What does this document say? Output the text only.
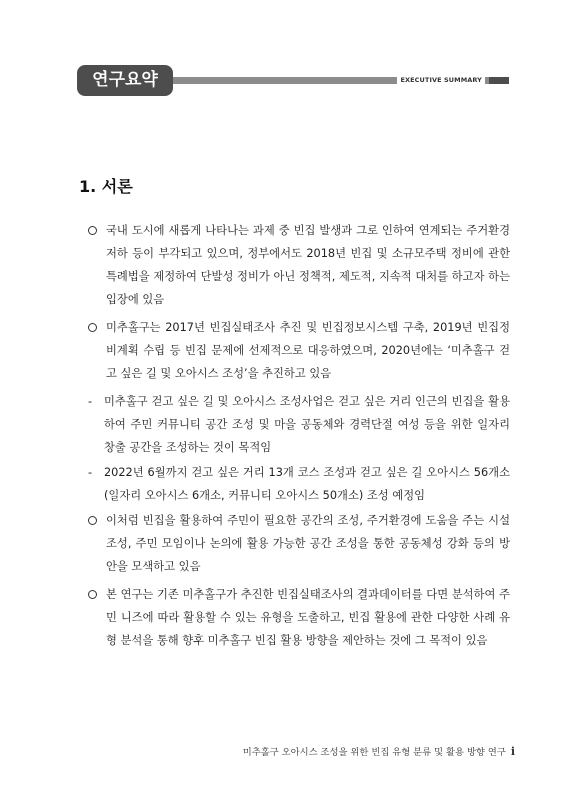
연구요약	EXECUTIVE SUMMARY
1. 서론
국내 도시에 새롭게 나타나는 과제 중 빈집 발생과 그로 인하여 연계되는 주거환경 저하 등이 부각되고 있으며, 정부에서도 2018년 빈집 및 소규모주택 정비에 관한 특례법을 제정하여 단발성 정비가 아닌 정책적, 제도적, 지속적 대처를 하고자 하는 입장에 있음
미추홀구는 2017년 빈집실태조사 추진 및 빈집정보시스템 구축, 2019년 빈집정비계획 수립 등 빈집 문제에 선제적으로 대응하였으며, 2020년에는 ‘미추홀구 걷고 싶은 길 및 오아시스 조성’을 추진하고 있음
- 미추홀구 걷고 싶은 길 및 오아시스 조성사업은 걷고 싶은 거리 인근의 빈집을 활용하여 주민 커뮤니티 공간 조성 및 마을 공동체와 경력단절 여성 등을 위한 일자리 창출 공간을 조성하는 것이 목적임
- 2022년 6월까지 걷고 싶은 거리 13개 코스 조성과 걷고 싶은 길 오아시스 56개소(일자리 오아시스 6개소, 커뮤니티 오아시스 50개소) 조성 예정임
이처럼 빈집을 활용하여 주민이 필요한 공간의 조성, 주거환경에 도움을 주는 시설 조성, 주민 모임이나 논의에 활용 가능한 공간 조성을 통한 공동체성 강화 등의 방안을 모색하고 있음
본 연구는 기존 미추홀구가 추진한 빈집실태조사의 결과데이터를 다면 분석하여 주민 니즈에 따라 활용할 수 있는 유형을 도출하고, 빈집 활용에 관한 다양한 사례 유형 분석을 통해 향후 미추홀구 빈집 활용 방향을 제안하는 것에 그 목적이 있음
미추홀구 오아시스 조성을 위한 빈집 유형 분류 및 활용 방향 연구 i
